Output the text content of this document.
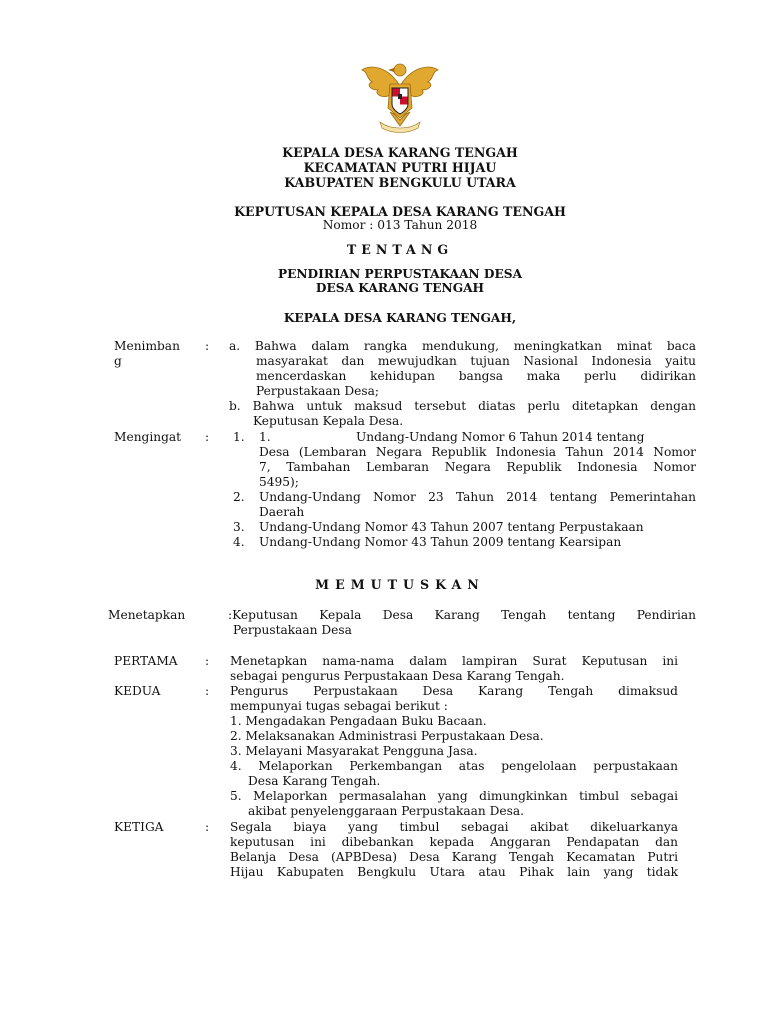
KEPALA DESA KARANG TENGAH
KECAMATAN PUTRI HIJAU
KABUPATEN BENGKULU UTARA
KEPUTUSAN KEPALA DESA KARANG TENGAH
Nomor : 013 Tahun 2018
TENTANG
PENDIRIAN PERPUSTAKAAN DESA
DESA KARANG TENGAH
KEPALA DESA KARANG TENGAH,
Menimban
g
: a. Bahwa dalam rangka mendukung, meningkatkan minat baca
masyarakat dan mewujudkan tujuan Nasional Indonesia yaitu
mencerdaskan kehidupan bangsa maka perlu didirikan
Perpustakaan Desa;
b. Bahwa untuk maksud tersebut diatas perlu ditetapkan dengan
Keputusan Kepala Desa.
Mengingat : 1. 1.	Undang-Undang Nomor 6 Tahun 2014 tentang
Desa (Lembaran Negara Republik Indonesia Tahun 2014 Nomor
7, Tambahan Lembaran Negara Republik Indonesia Nomor
5495);
2. Undang-Undang Nomor 23 Tahun 2014 tentang Pemerintahan
Daerah
3. Undang-Undang Nomor 43 Tahun 2007 tentang Perpustakaan
4. Undang-Undang Nomor 43 Tahun 2009 tentang Kearsipan
MEMUTUSKAN
Menetapkan	:Keputusan Kepala Desa Karang Tengah tentang Pendirian
Perpustakaan Desa
PERTAMA : Menetapkan nama-nama dalam lampiran Surat Keputusan ini
sebagai pengurus Perpustakaan Desa Karang Tengah.
KEDUA	: Pengurus Perpustakaan Desa Karang Tengah dimaksud
mempunyai tugas sebagai berikut :
1. Mengadakan Pengadaan Buku Bacaan.
2. Melaksanakan Administrasi Perpustakaan Desa.
3. Melayani Masyarakat Pengguna Jasa.
4. Melaporkan Perkembangan atas pengelolaan perpustakaan
Desa Karang Tengah.
5. Melaporkan permasalahan yang dimungkinkan timbul sebagai
akibat penyelenggaraan Perpustakaan Desa.
KETIGA	: Segala biaya yang timbul sebagai akibat dikeluarkanya
keputusan ini dibebankan kepada Anggaran Pendapatan dan
Belanja Desa (APBDesa) Desa Karang Tengah Kecamatan Putri
Hijau Kabupaten Bengkulu Utara atau Pihak lain yang tidak
